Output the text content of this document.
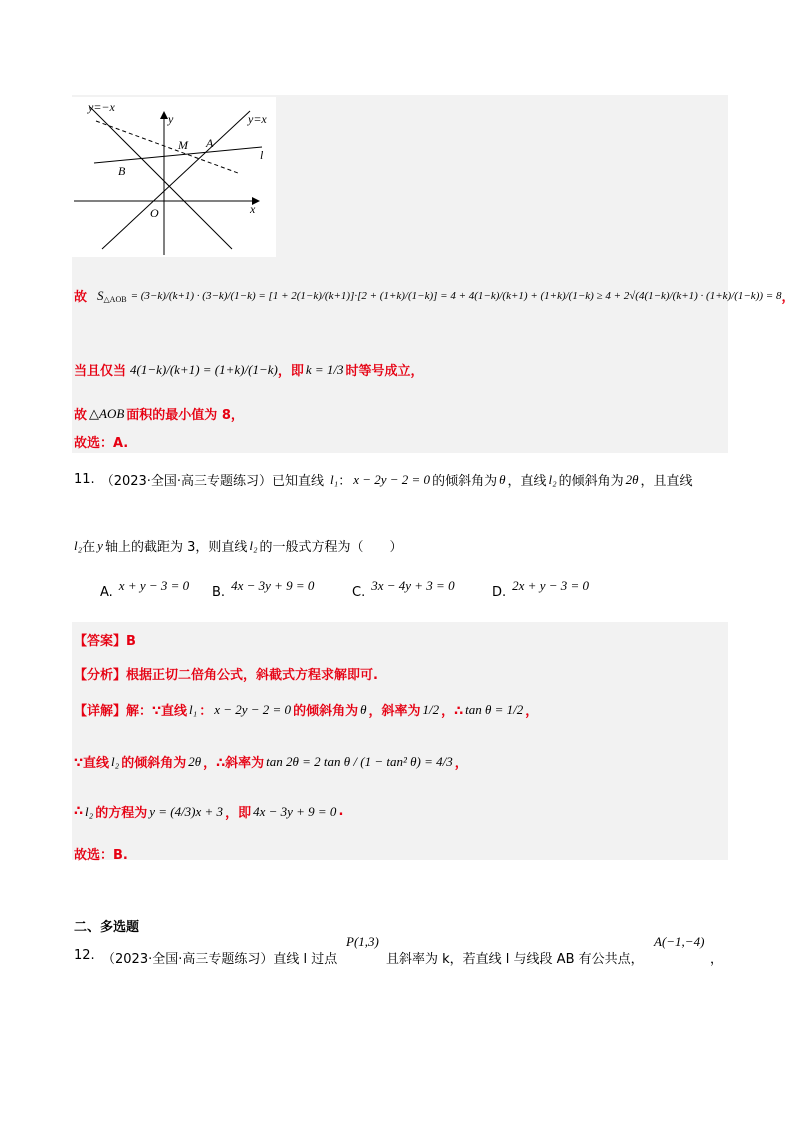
y=−x
y=x
y
x
O
M A
B
l
故 S △AOB = (3−k)/(k+1) · (3−k)/(1−k) = [1 + 2(1−k)/(k+1)]·[2 + (1+k)/(1−k)] = 4 + 4(1−k)/(k+1) + (1+k)/(1−k) ≥ 4 + 2√(4(1−k)/(k+1) · (1+k)/(1−k)) = 8 ，
当且仅当 4(1−k)/(k+1) = (1+k)/(1−k) ，即 k = 1/3 时等号成立，
故 △AOB 面积的最小值为 8，
故选：A.
11. （2023·全国·高三专题练习）已知直线 l₁ ： x − 2y − 2 = 0 的倾斜角为 θ ，直线 l₂ 的倾斜角为 2θ ，且直线
l₂ 在 y 轴上的截距为 3，则直线 l₂ 的一般式方程为（　　）
A. x + y − 3 = 0 B. 4x − 3y + 9 = 0	C. 3x − 4y + 3 = 0	D. 2x + y − 3 = 0
【答案】B
【分析】根据正切二倍角公式，斜截式方程求解即可.
【详解】解：∵直线 l₁ ： x − 2y − 2 = 0 的倾斜角为 θ ，斜率为 1/2 ，∴ tan θ = 1/2 ，
∵直线 l₂ 的倾斜角为 2θ ，∴斜率为 tan 2θ = 2 tan θ / (1 − tan² θ) = 4/3 ，
∴ l₂ 的方程为 y = (4/3)x + 3 ，即 4x − 3y + 9 = 0 .
故选：B.
二、多选题
12. （2023·全国·高三专题练习）直线 l 过点
P(1,3)
且斜率为 k，若直线 l 与线段 AB 有公共点，
A(−1,−4)
，
